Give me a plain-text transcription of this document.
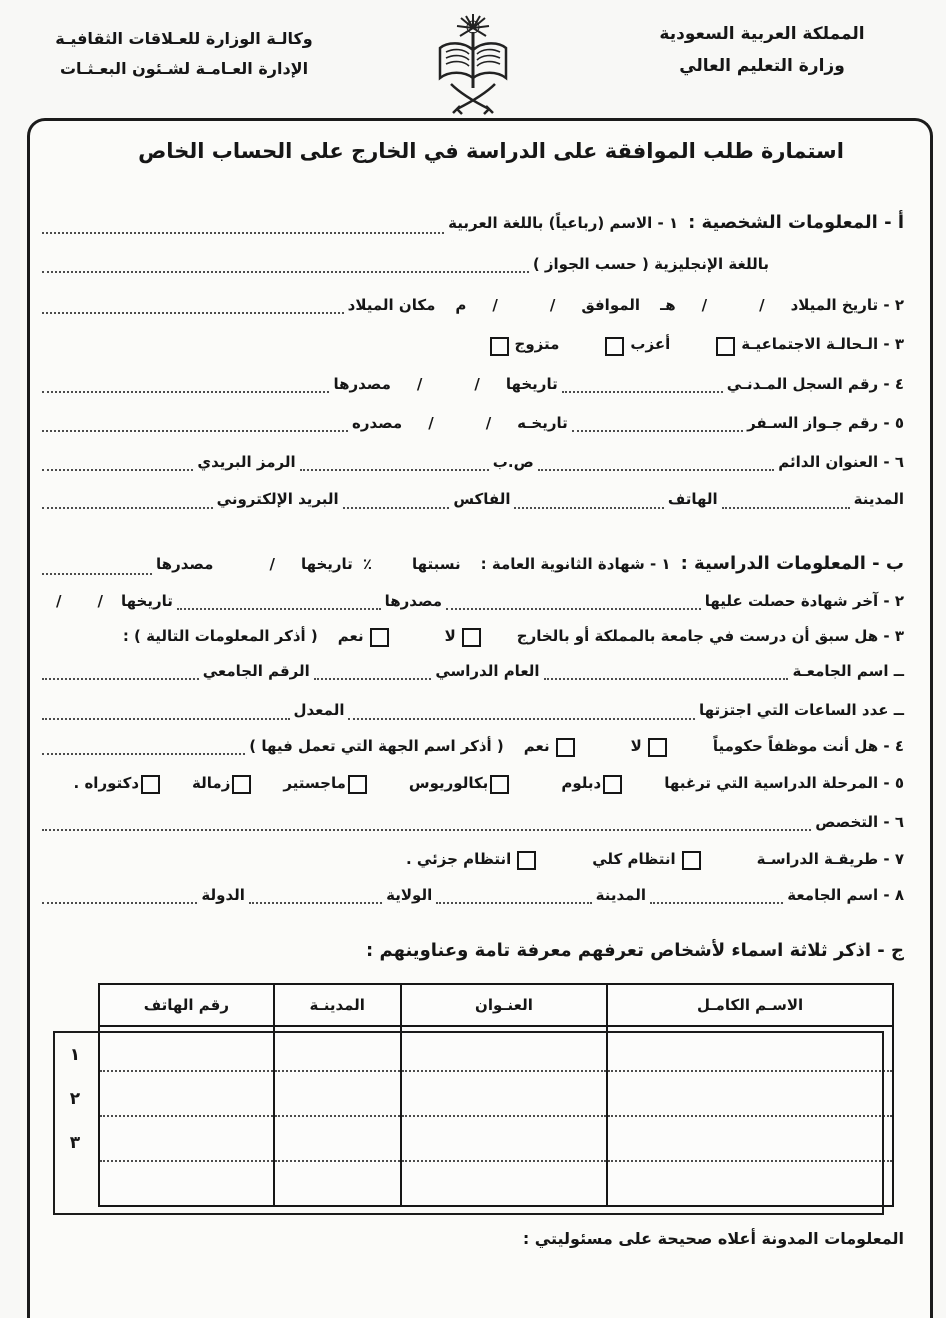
المملكة العربية السعودية
وزارة التعليم العالي
وكالـة الوزارة للعـلاقات الثقافيـة
الإدارة العـامـة لشـئون البعـثـات
استمارة طلب الموافقة على الدراسة في الخارج على الحساب الخاص
أ - المعلومات الشخصية :
١ - الاسم (رباعياً) باللغة العربية
باللغة الإنجليزية ( حسب الجواز )
٢ - تاريخ الميلاد
/
/
هـ
الموافق
/
/
م
مكان الميلاد
٣ - الـحالـة الاجتماعيـة
أعزب
متزوج
٤ - رقم السجل المـدنـي
تاريخها
/
/
مصدرها
٥ - رقم جـواز السـفر
تاريخـه
/
/
مصدره
٦ - العنوان الدائم
ص.ب
الرمز البريدي
المدينة
الهاتف
الفاكس
البريد الإلكتروني
ب - المعلومات الدراسية :
١ - شهادة الثانوية العامة :
نسبتها
٪
تاريخها
/
مصدرها
٢ - آخر شهادة حصلت عليها
مصدرها
تاريخها
/
/
٣ - هل سبق أن درست في جامعة بالمملكة أو بالخارج
لا
نعم
( أذكر المعلومات التالية ) :
ــ اسم الجامعـة
العام الدراسي
الرقم الجامعي
ــ عدد الساعات التي اجتزتها
المعدل
٤ - هل أنت موظفاً حكومياً
لا
نعم
( أذكر اسم الجهة التي تعمل فيها )
٥ - المرحلة الدراسية التي ترغبها
دبلوم
بكالوريوس
ماجستير
زمالة
دكتوراه .
٦ - التخصص
٧ - طريقـة الدراسـة
انتظام كلي
انتظام جزئي .
٨ - اسم الجامعة
المدينة
الولاية
الدولة
ج - اذكر ثلاثة اسماء لأشخاص تعرفهم معرفة تامة وعناوينهم :
الاسـم الكامـل	العنـوان	المدينـة	رقم الهاتف

١
٢
٣
المعلومات المدونة أعلاه صحيحة على مسئوليتي :
